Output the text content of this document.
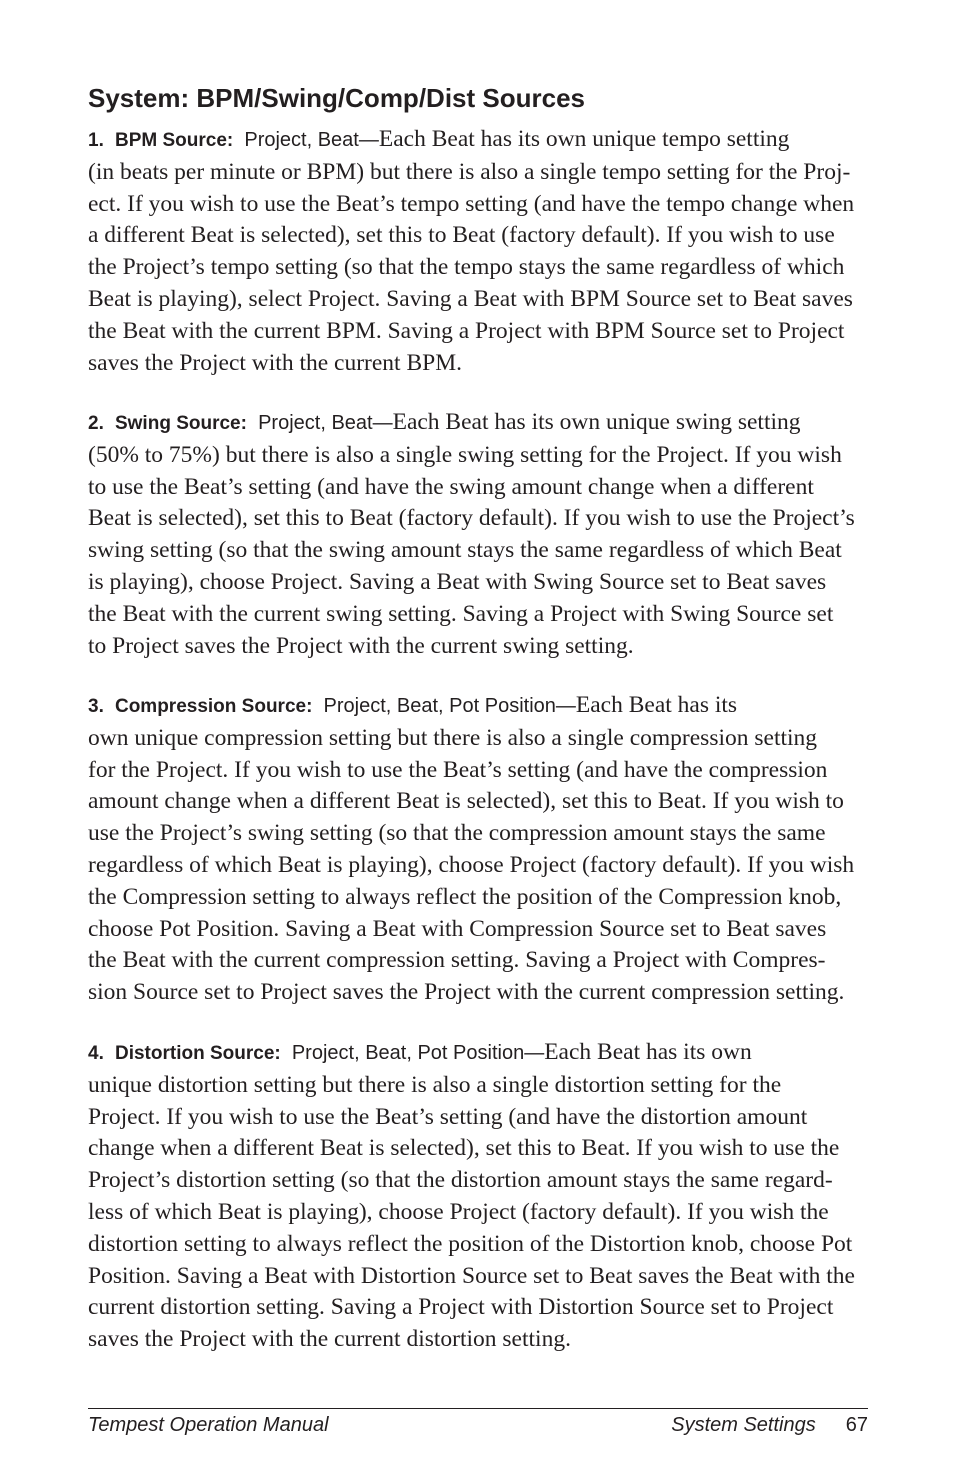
System: BPM/Swing/Comp/Dist Sources
1. BPM Source: Project, Beat—Each Beat has its own unique tempo setting
(in beats per minute or BPM) but there is also a single tempo setting for the Proj-
ect. If you wish to use the Beat’s tempo setting (and have the tempo change when
a different Beat is selected), set this to Beat (factory default). If you wish to use
the Project’s tempo setting (so that the tempo stays the same regardless of which
Beat is playing), select Project. Saving a Beat with BPM Source set to Beat saves
the Beat with the current BPM. Saving a Project with BPM Source set to Project
saves the Project with the current BPM.
2. Swing Source: Project, Beat—Each Beat has its own unique swing setting
(50% to 75%) but there is also a single swing setting for the Project. If you wish
to use the Beat’s setting (and have the swing amount change when a different
Beat is selected), set this to Beat (factory default). If you wish to use the Project’s
swing setting (so that the swing amount stays the same regardless of which Beat
is playing), choose Project. Saving a Beat with Swing Source set to Beat saves
the Beat with the current swing setting. Saving a Project with Swing Source set
to Project saves the Project with the current swing setting.
3. Compression Source: Project, Beat, Pot Position—Each Beat has its
own unique compression setting but there is also a single compression setting
for the Project. If you wish to use the Beat’s setting (and have the compression
amount change when a different Beat is selected), set this to Beat. If you wish to
use the Project’s swing setting (so that the compression amount stays the same
regardless of which Beat is playing), choose Project (factory default). If you wish
the Compression setting to always reflect the position of the Compression knob,
choose Pot Position. Saving a Beat with Compression Source set to Beat saves
the Beat with the current compression setting. Saving a Project with Compres-
sion Source set to Project saves the Project with the current compression setting.
4. Distortion Source: Project, Beat, Pot Position—Each Beat has its own
unique distortion setting but there is also a single distortion setting for the
Project. If you wish to use the Beat’s setting (and have the distortion amount
change when a different Beat is selected), set this to Beat. If you wish to use the
Project’s distortion setting (so that the distortion amount stays the same regard-
less of which Beat is playing), choose Project (factory default). If you wish the
distortion setting to always reflect the position of the Distortion knob, choose Pot
Position. Saving a Beat with Distortion Source set to Beat saves the Beat with the
current distortion setting. Saving a Project with Distortion Source set to Project
saves the Project with the current distortion setting.
Tempest Operation Manual	System Settings 67
